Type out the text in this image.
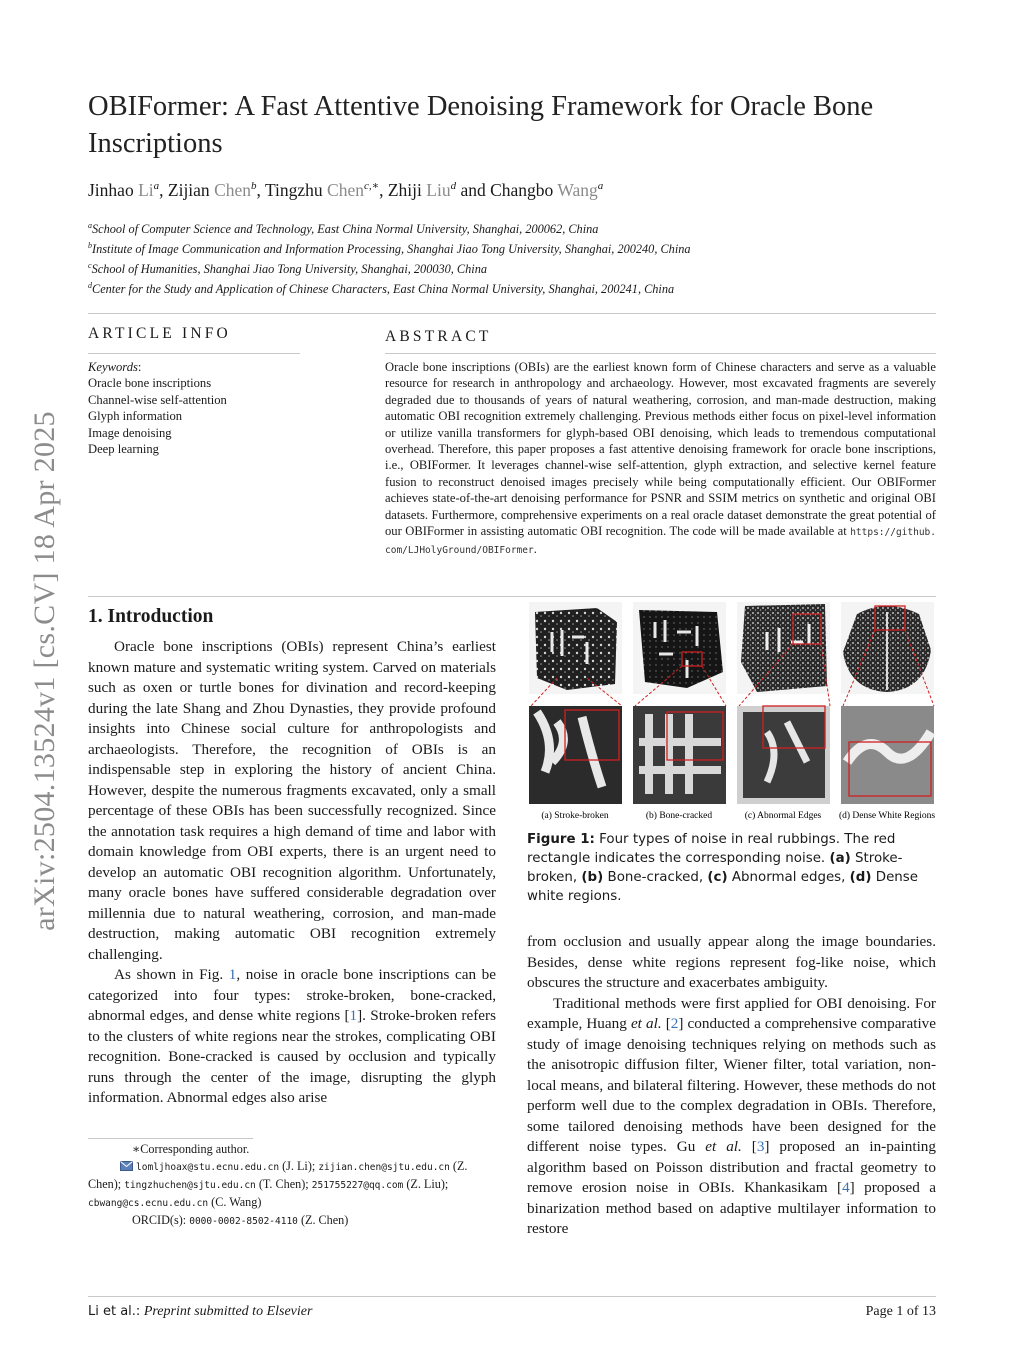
arXiv:2504.13524v1 [cs.CV] 18 Apr 2025
OBIFormer: A Fast Attentive Denoising Framework for Oracle Bone
Inscriptions
Jinhao Li$^a$, Zijian Chen$^b$, Tingzhu Chen$^{c,∗}$, Zhiji Liu$^d$ and Changbo Wang$^a$
$^a$School of Computer Science and Technology, East China Normal University, Shanghai, 200062, China
$^b$Institute of Image Communication and Information Processing, Shanghai Jiao Tong University, Shanghai, 200240, China
$^c$School of Humanities, Shanghai Jiao Tong University, Shanghai, 200030, China
$^d$Center for the Study and Application of Chinese Characters, East China Normal University, Shanghai, 200241, China
ARTICLE INFO
Keywords:
Oracle bone inscriptions
Channel-wise self-attention
Glyph information
Image denoising
Deep learning
ABSTRACT
Oracle bone inscriptions (OBIs) are the earliest known form of Chinese characters and serve as a valuable resource for research in anthropology and archaeology. However, most excavated fragments are severely degraded due to thousands of years of natural weathering, corrosion, and man-made destruction, making automatic OBI recognition extremely challenging. Previous methods either focus on pixel-level information or utilize vanilla transformers for glyph-based OBI denoising, which leads to tremendous computational overhead. Therefore, this paper proposes a fast attentive denoising framework for oracle bone inscriptions, i.e., OBIFormer. It leverages channel-wise self-attention, glyph extraction, and selective kernel feature fusion to reconstruct denoised images precisely while being computationally efficient. Our OBIFormer achieves state-of-the-art denoising performance for PSNR and SSIM metrics on synthetic and original OBI datasets. Furthermore, comprehensive experiments on a real oracle dataset demonstrate the great potential of our OBIFormer in assisting automatic OBI recognition. The code will be made available at https://github.com/LJHolyGround/OBIFormer.
1. Introduction

Oracle bone inscriptions (OBIs) represent China’s earliest known mature and systematic writing system. Carved on materials such as oxen or turtle bones for divination and record-keeping during the late Shang and Zhou Dynasties, they provide profound insights into Chinese social culture for anthropologists and archaeologists. Therefore, the recognition of OBIs is an indispensable step in exploring the history of ancient China. However, despite the numerous fragments excavated, only a small percentage of these OBIs has been successfully recognized. Since the annotation task requires a high demand of time and labor with domain knowledge from OBI experts, there is an urgent need to develop an automatic OBI recognition algorithm. Unfortunately, many oracle bones have suffered considerable degradation over millennia due to natural weathering, corrosion, and man-made destruction, making automatic OBI recognition extremely challenging.

As shown in Fig. 1, noise in oracle bone inscriptions can be categorized into four types: stroke-broken, bone-cracked, abnormal edges, and dense white regions [1]. Stroke-broken refers to the clusters of white regions near the strokes, complicating OBI recognition. Bone-cracked is caused by occlusion and typically runs through the center of the image, disrupting the glyph information. Abnormal edges also arise

from occlusion and usually appear along the image boundaries. Besides, dense white regions represent fog-like noise, which obscures the structure and exacerbates ambiguity.

Traditional methods were first applied for OBI denoising. For example, Huang et al. [2] conducted a comprehensive comparative study of image denoising techniques relying on methods such as the anisotropic diffusion filter, Wiener filter, total variation, non-local means, and bilateral filtering. However, these methods do not perform well due to the complex degradation in OBIs. Therefore, some tailored denoising methods have been designed for the different noise types. Gu et al. [3] proposed an in-painting algorithm based on Poisson distribution and fractal geometry to remove erosion noise in OBIs. Khankasikam [4] proposed a binarization method based on adaptive multilayer information to restore

∗Corresponding author.
lomljhoax@stu.ecnu.edu.cn (J. Li); zijian.chen@sjtu.edu.cn (Z. Chen); tingzhuchen@sjtu.edu.cn (T. Chen); 251755227@qq.com (Z. Liu); cbwang@cs.ecnu.edu.cn (C. Wang)
ORCID(s): 0000-0002-8502-4110 (Z. Chen)
(a) Stroke-broken	(b) Bone-cracked	(c) Abnormal Edges (d) Dense White Regions
Figure 1: Four types of noise in real rubbings. The red rectangle indicates the corresponding noise. (a) Stroke-broken, (b) Bone-cracked, (c) Abnormal edges, (d) Dense white regions.
Li et al.: Preprint submitted to Elsevier	Page 1 of 13
